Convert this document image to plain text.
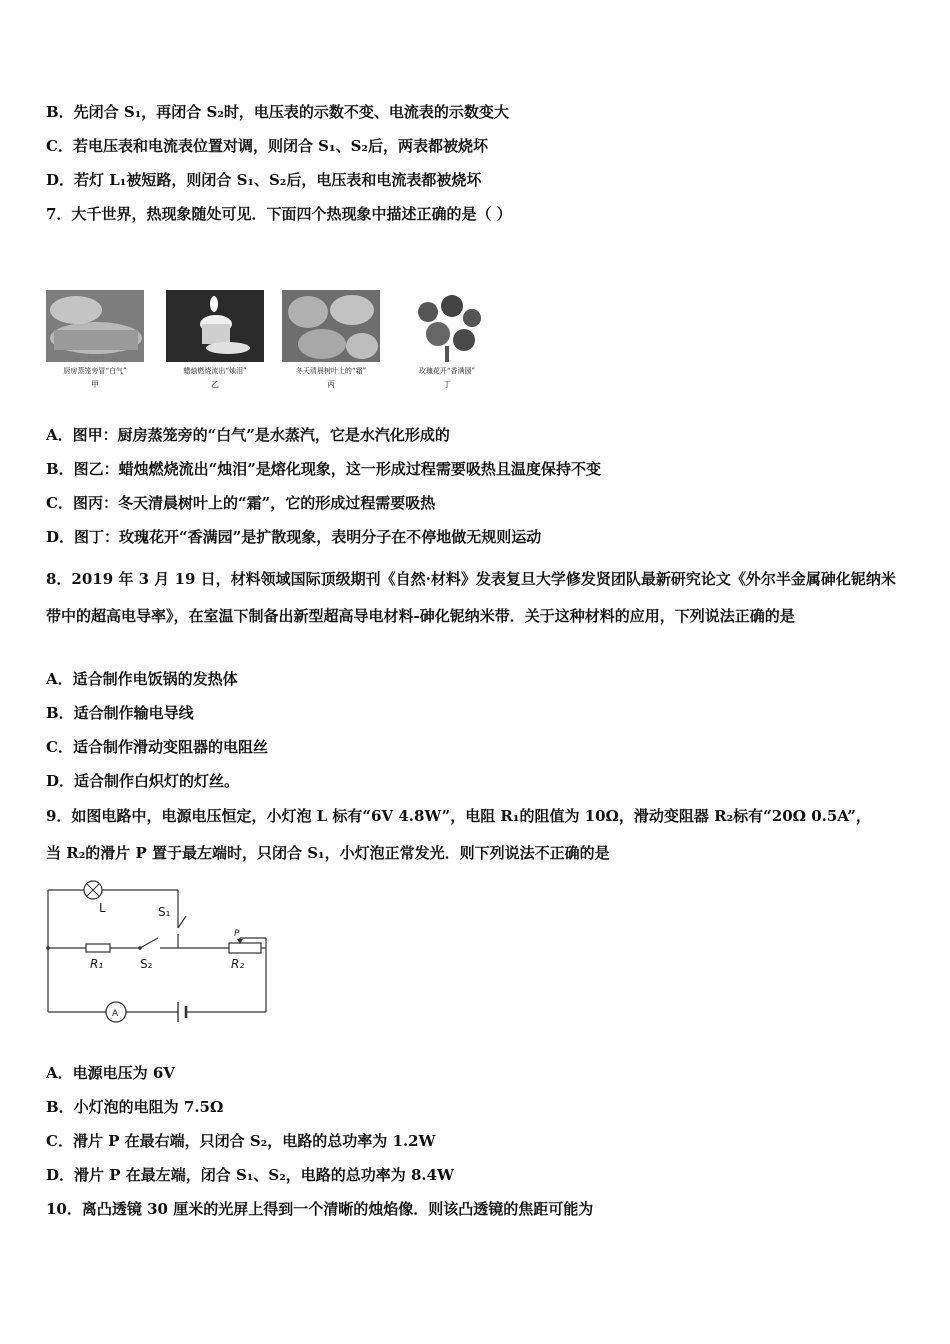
B．先闭合 S₁，再闭合 S₂时，电压表的示数不变、电流表的示数变大
C．若电压表和电流表位置对调，则闭合 S₁、S₂后，两表都被烧坏
D．若灯 L₁被短路，则闭合 S₁、S₂后，电压表和电流表都被烧坏
7．大千世界，热现象随处可见．下面四个热现象中描述正确的是（ ）
厨房蒸笼旁冒“白气”
甲
蜡烛燃烧流出“烛泪”
乙
冬天清晨树叶上的“霜”
丙
玫瑰花开“香满园”
丁
A．图甲：厨房蒸笼旁的“白气”是水蒸汽，它是水汽化形成的
B．图乙：蜡烛燃烧流出“烛泪”是熔化现象，这一形成过程需要吸热且温度保持不变
C．图丙：冬天清晨树叶上的“霜”，它的形成过程需要吸热
D．图丁：玫瑰花开“香满园”是扩散现象，表明分子在不停地做无规则运动
8．2019 年 3 月 19 日，材料领域国际顶级期刊《自然·材料》发表复旦大学修发贤团队最新研究论文《外尔半金属砷化铌纳米带中的超高电导率》，在室温下制备出新型超高导电材料-砷化铌纳米带．关于这种材料的应用，下列说法正确的是
A．适合制作电饭锅的发热体
B．适合制作输电导线
C．适合制作滑动变阻器的电阻丝
D．适合制作白炽灯的灯丝。
9．如图电路中，电源电压恒定，小灯泡 L 标有“6V 4.8W”，电阻 R₁的阻值为 10Ω，滑动变阻器 R₂标有“20Ω 0.5A”，
当 R₂的滑片 P 置于最左端时，只闭合 S₁，小灯泡正常发光．则下列说法不正确的是
L	S₁
S₂
R₁	R₂
P
A
A．电源电压为 6V
B．小灯泡的电阻为 7.5Ω
C．滑片 P 在最右端，只闭合 S₂，电路的总功率为 1.2W
D．滑片 P 在最左端，闭合 S₁、S₂，电路的总功率为 8.4W
10．离凸透镜 30 厘米的光屏上得到一个清晰的烛焰像．则该凸透镜的焦距可能为
